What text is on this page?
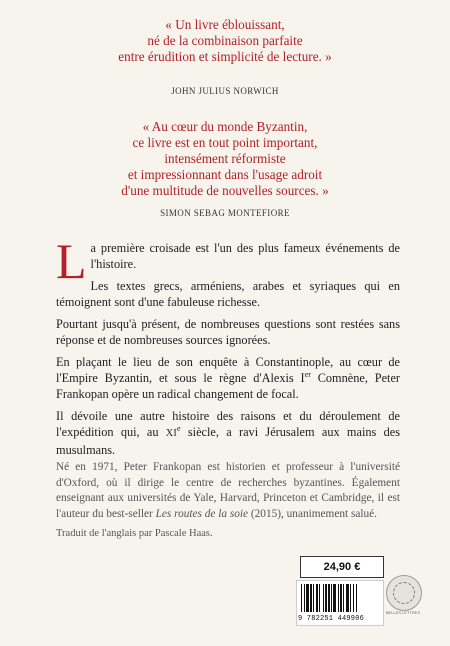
« Un livre éblouissant,
né de la combinaison parfaite
entre érudition et simplicité de lecture. »
JOHN JULIUS NORWICH
« Au cœur du monde Byzantin,
ce livre est en tout point important,
intensément réformiste
et impressionnant dans l'usage adroit
d'une multitude de nouvelles sources. »
SIMON SEBAG MONTEFIORE

La première croisade est l'un des plus fameux événements de l'histoire.

Les textes grecs, arméniens, arabes et syriaques qui en témoignent sont d'une fabuleuse richesse.

Pourtant jusqu'à présent, de nombreuses questions sont restées sans réponse et de nombreuses sources ignorées.

En plaçant le lieu de son enquête à Constantinople, au cœur de l'Empire Byzantin, et sous le règne d'Alexis Ier Comnène, Peter Frankopan opère un radical changement de focal.

Il dévoile une autre histoire des raisons et du déroulement de l'expédition qui, au XIe siècle, a ravi Jérusalem aux mains des musulmans.

Né en 1971, Peter Frankopan est historien et professeur à l'université d'Oxford, où il dirige le centre de recherches byzantines. Également enseignant aux universités de Yale, Harvard, Princeton et Cambridge, il est l'auteur du best-seller Les routes de la soie (2015), unanimement salué.

Traduit de l'anglais par Pascale Haas.
24,90 €
9 782251 449906
BELLES LETTRES
